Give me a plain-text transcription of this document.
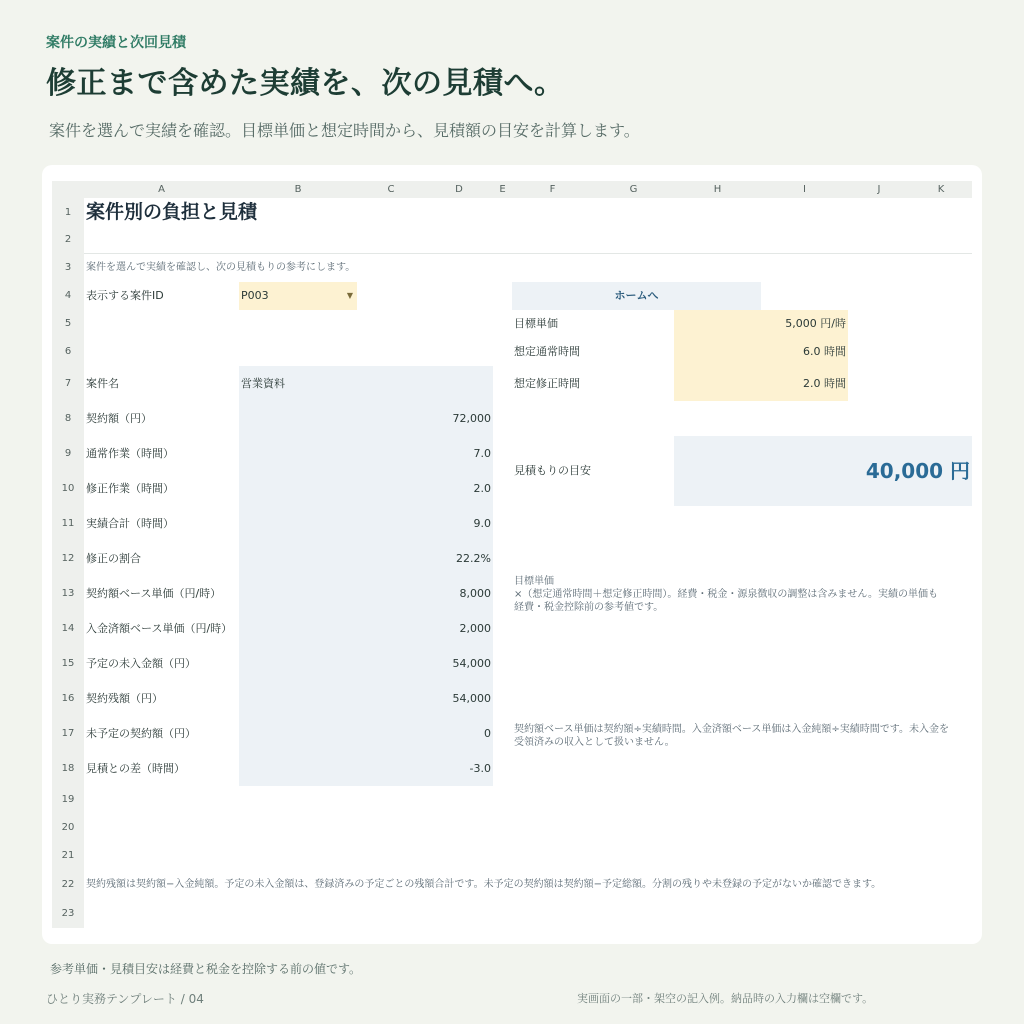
案件の実績と次回見積
修正まで含めた実績を、次の見積へ。
案件を選んで実績を確認。目標単価と想定時間から、見積額の目安を計算します。
A	B	C	D	E	F	G	H	I	J	K
1
2
3
4
5
6
7
8
9
10
11
12
13
14
15
16
17
18
19
20
21
22
23
案件別の負担と見積
案件を選んで実績を確認し、次の見積もりの参考にします。
表示する案件ID	P003	▼	ホームへ
目標単価	5,000 円/時
想定通常時間	6.0 時間
想定修正時間	2.0 時間
見積もりの目安	40,000 円
目標単価
×（想定通常時間＋想定修正時間）。経費・税金・源泉徴収の調整は含みません。実績の単価も
経費・税金控除前の参考値です。
契約額ベース単価は契約額÷実績時間。入金済額ベース単価は入金純額÷実績時間です。未入金を
受領済みの収入として扱いません。
案件名	営業資料
契約額（円）	72,000
通常作業（時間）	7.0
修正作業（時間）	2.0
実績合計（時間）	9.0
修正の割合	22.2%
契約額ベース単価（円/時）	8,000
入金済額ベース単価（円/時）	2,000
予定の未入金額（円）	54,000
契約残額（円）	54,000
未予定の契約額（円）	0
見積との差（時間）	-3.0
契約残額は契約額−入金純額。予定の未入金額は、登録済みの予定ごとの残額合計です。未予定の契約額は契約額−予定総額。分割の残りや未登録の予定がないか確認できます。
参考単価・見積目安は経費と税金を控除する前の値です。
ひとり実務テンプレート / 04	実画面の一部・架空の記入例。納品時の入力欄は空欄です。
